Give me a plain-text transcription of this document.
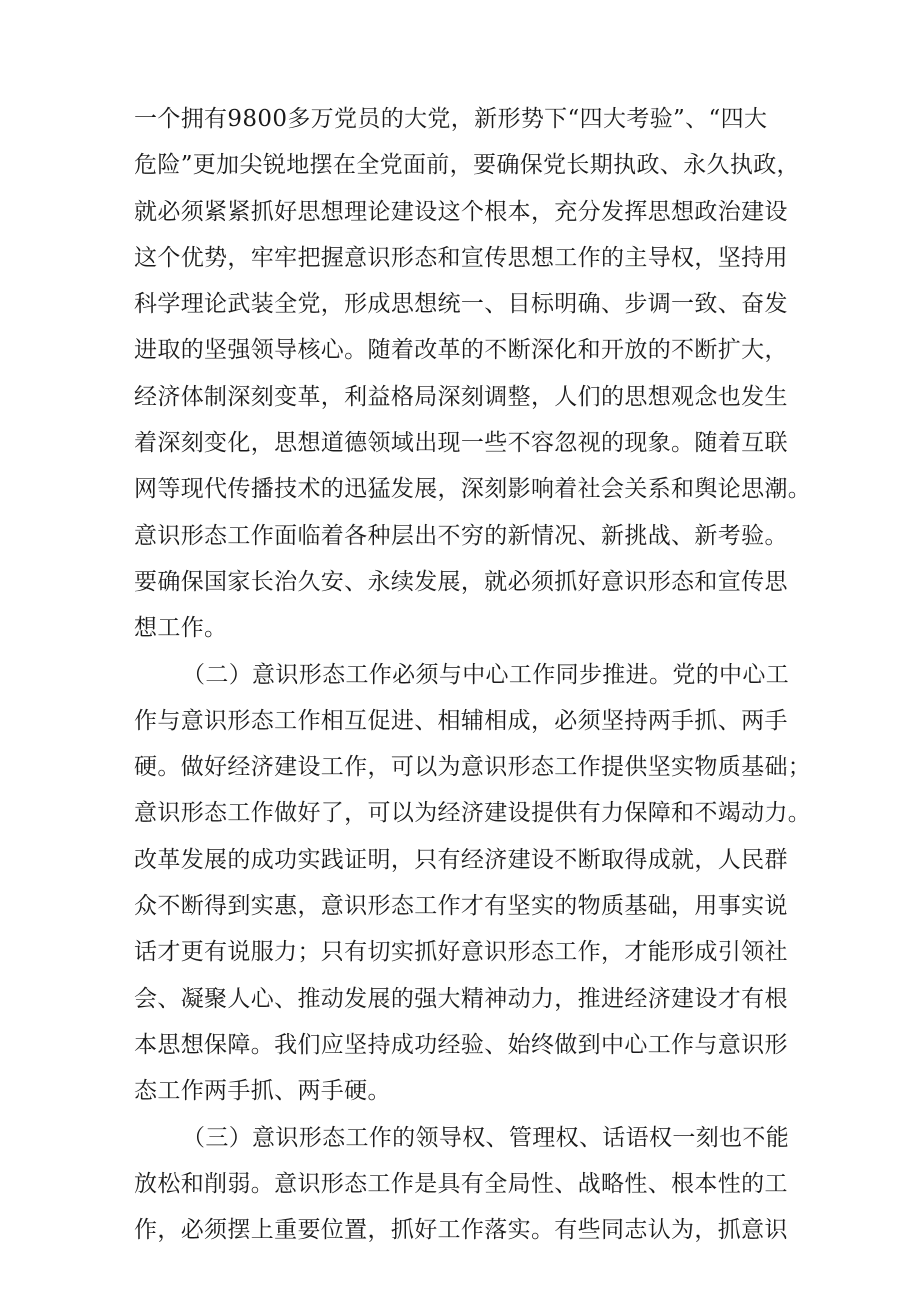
一个拥有9800多万党员的大党，新形势下“四大考验”、“四大
危险”更加尖锐地摆在全党面前，要确保党长期执政、永久执政，
就必须紧紧抓好思想理论建设这个根本，充分发挥思想政治建设
这个优势，牢牢把握意识形态和宣传思想工作的主导权，坚持用
科学理论武装全党，形成思想统一、目标明确、步调一致、奋发
进取的坚强领导核心。随着改革的不断深化和开放的不断扩大，
经济体制深刻变革，利益格局深刻调整，人们的思想观念也发生
着深刻变化，思想道德领域出现一些不容忽视的现象。随着互联
网等现代传播技术的迅猛发展，深刻影响着社会关系和舆论思潮。
意识形态工作面临着各种层出不穷的新情况、新挑战、新考验。
要确保国家长治久安、永续发展，就必须抓好意识形态和宣传思
想工作。
（二）意识形态工作必须与中心工作同步推进。党的中心工
作与意识形态工作相互促进、相辅相成，必须坚持两手抓、两手
硬。做好经济建设工作，可以为意识形态工作提供坚实物质基础；
意识形态工作做好了，可以为经济建设提供有力保障和不竭动力。
改革发展的成功实践证明，只有经济建设不断取得成就，人民群
众不断得到实惠，意识形态工作才有坚实的物质基础，用事实说
话才更有说服力；只有切实抓好意识形态工作，才能形成引领社
会、凝聚人心、推动发展的强大精神动力，推进经济建设才有根
本思想保障。我们应坚持成功经验、始终做到中心工作与意识形
态工作两手抓、两手硬。
（三）意识形态工作的领导权、管理权、话语权一刻也不能
放松和削弱。意识形态工作是具有全局性、战略性、根本性的工
作，必须摆上重要位置，抓好工作落实。有些同志认为，抓意识
